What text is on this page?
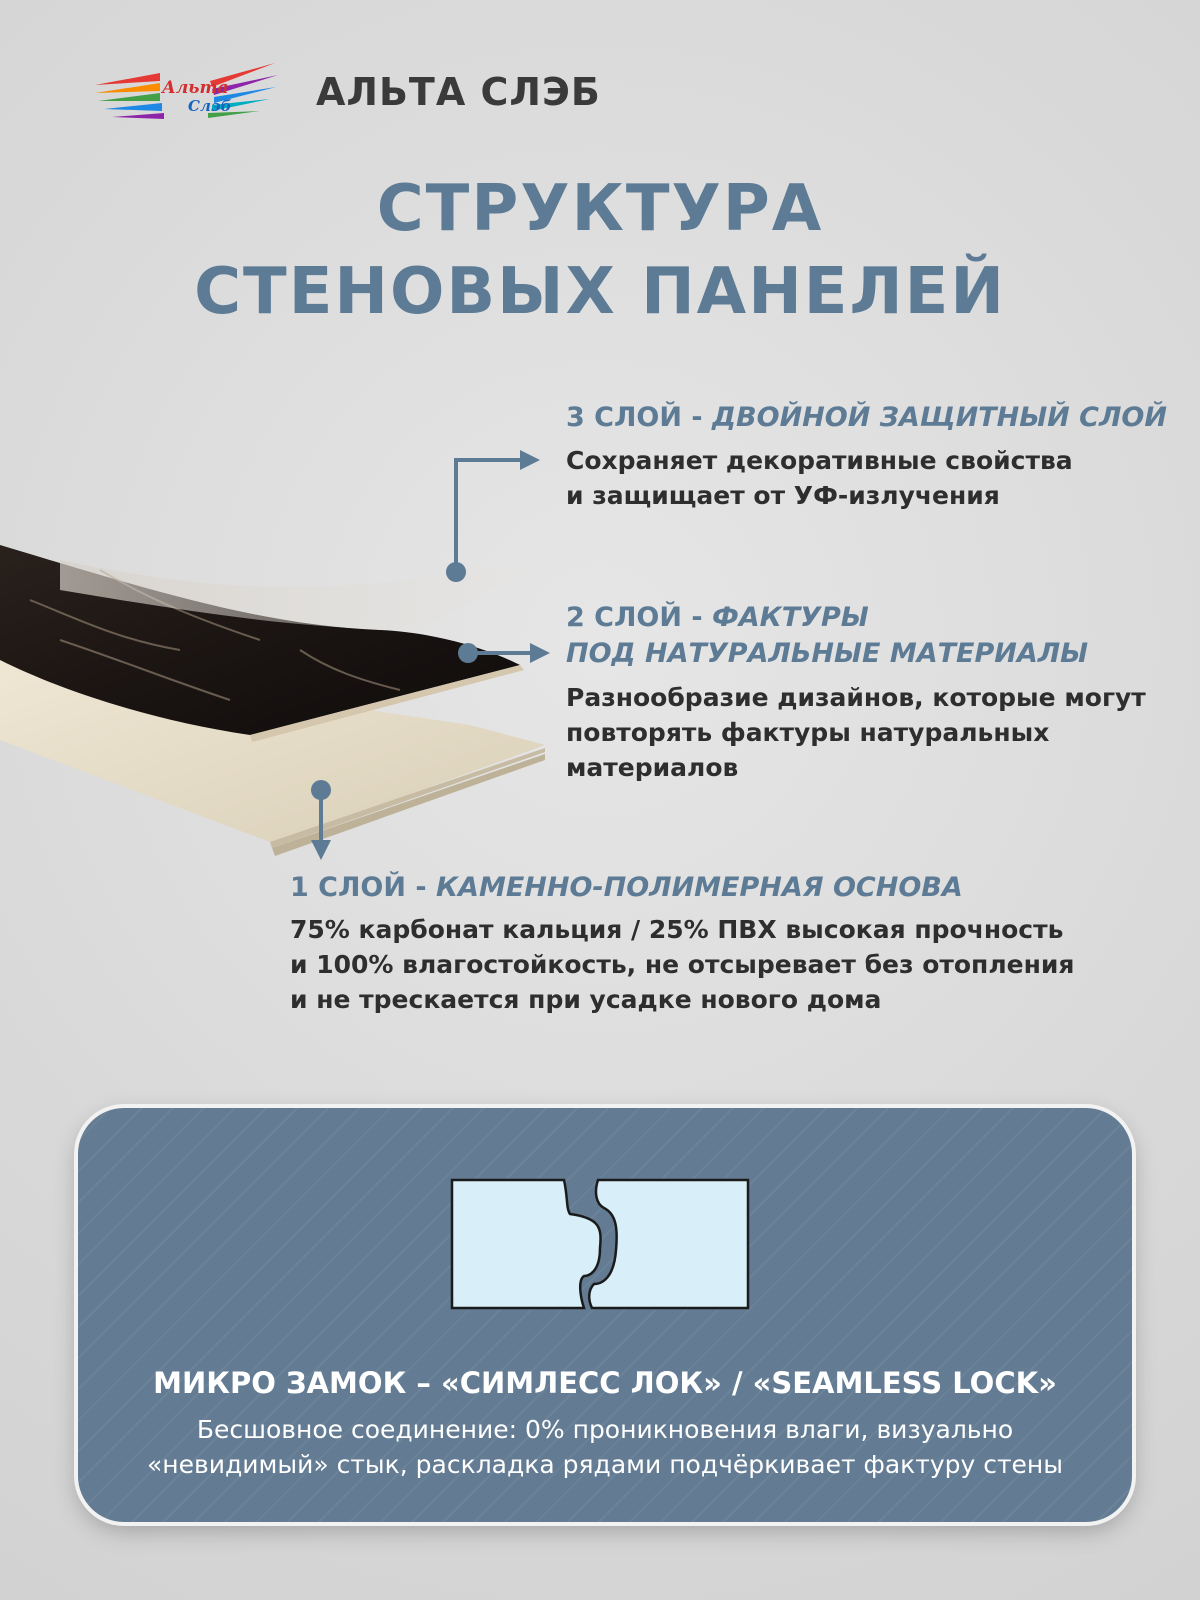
Альта
Слэб АЛЬТА СЛЭБ
СТРУКТУРА
СТЕНОВЫХ ПАНЕЛЕЙ
3 СЛОЙ - ДВОЙНОЙ ЗАЩИТНЫЙ СЛОЙ
Сохраняет декоративные свойства
и защищает от УФ-излучения
2 СЛОЙ - ФАКТУРЫ
ПОД НАТУРАЛЬНЫЕ МАТЕРИАЛЫ
Разнообразие дизайнов, которые могут
повторять фактуры натуральных
материалов
1 СЛОЙ - КАМЕННО-ПОЛИМЕРНАЯ ОСНОВА
75% карбонат кальция / 25% ПВХ высокая прочность
и 100% влагостойкость, не отсыревает без отопления
и не трескается при усадке нового дома
МИКРО ЗАМОК – «СИМЛЕСС ЛОК» / «SEAMLESS LOCK»
Бесшовное соединение: 0% проникновения влаги, визуально
«невидимый» стык, раскладка рядами подчёркивает фактуру стены
